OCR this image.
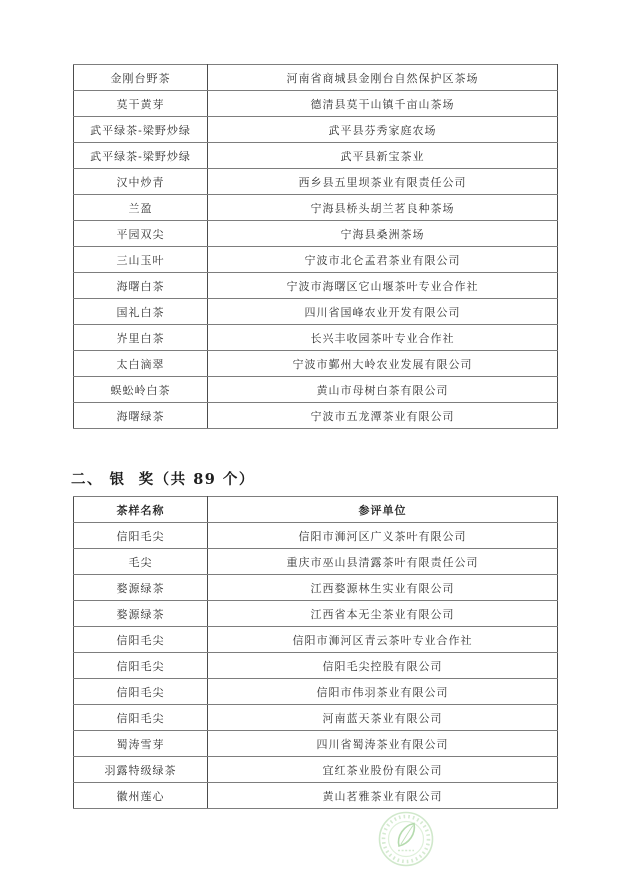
金刚台野茶	河南省商城县金刚台自然保护区茶场
莫干黄芽	德清县莫干山镇千亩山茶场
武平绿茶-梁野炒绿	武平县芬秀家庭农场
武平绿茶-梁野炒绿	武平县新宝茶业
汉中炒青	西乡县五里坝茶业有限责任公司
兰盈	宁海县桥头胡兰茗良种茶场
平园双尖	宁海县桑洲茶场
三山玉叶	宁波市北仑孟君茶业有限公司
海曙白茶	宁波市海曙区它山堰茶叶专业合作社
国礼白茶	四川省国峰农业开发有限公司
岕里白茶	长兴丰收园茶叶专业合作社
太白滴翠	宁波市鄞州大岭农业发展有限公司
蜈蚣岭白茶	黄山市母树白茶有限公司
海曙绿茶	宁波市五龙潭茶业有限公司
二、 银  奖（共 89 个）
茶样名称	参评单位
信阳毛尖	信阳市浉河区广义茶叶有限公司
毛尖	重庆市巫山县清露茶叶有限责任公司
婺源绿茶	江西婺源林生实业有限公司
婺源绿茶	江西省本无尘茶业有限公司
信阳毛尖	信阳市浉河区青云茶叶专业合作社
信阳毛尖	信阳毛尖控股有限公司
信阳毛尖	信阳市伟羽茶业有限公司
信阳毛尖	河南蓝天茶业有限公司
蜀涛雪芽	四川省蜀涛茶业有限公司
羽露特级绿茶	宜红茶业股份有限公司
徽州莲心	黄山茗雅茶业有限公司
